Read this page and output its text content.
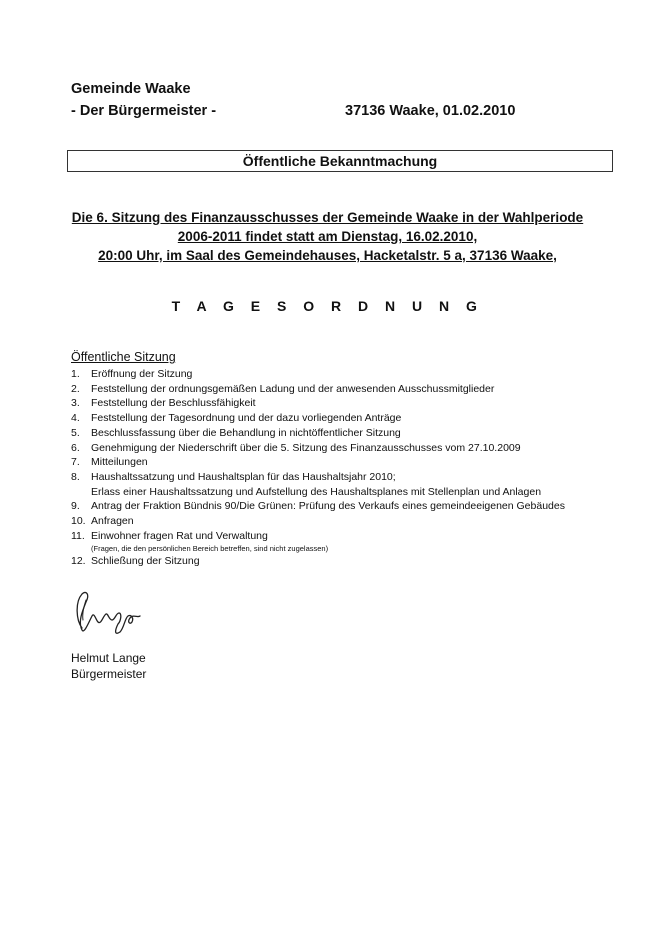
Gemeinde Waake
- Der Bürgermeister -	37136 Waake, 01.02.2010
Öffentliche Bekanntmachung
Die 6. Sitzung des Finanzausschusses der Gemeinde Waake in der Wahlperiode
2006-2011 findet statt am Dienstag, 16.02.2010,
20:00 Uhr, im Saal des Gemeindehauses, Hacketalstr. 5 a, 37136 Waake,
T A G E S O R D N U N G
Öffentliche Sitzung
1.	Eröffnung der Sitzung
2.	Feststellung der ordnungsgemäßen Ladung und der anwesenden Ausschussmitglieder
3.	Feststellung der Beschlussfähigkeit
4.	Feststellung der Tagesordnung und der dazu vorliegenden Anträge
5.	Beschlussfassung über die Behandlung in nichtöffentlicher Sitzung
6.	Genehmigung der Niederschrift über die 5. Sitzung des Finanzausschusses vom 27.10.2009
7.	Mitteilungen
8.	Haushaltssatzung und Haushaltsplan für das Haushaltsjahr 2010;
Erlass einer Haushaltssatzung und Aufstellung des Haushaltsplanes mit Stellenplan und Anlagen
9.	Antrag der Fraktion Bündnis 90/Die Grünen: Prüfung des Verkaufs eines gemeindeeigenen Gebäudes
10. Anfragen
11. Einwohner fragen Rat und Verwaltung
(Fragen, die den persönlichen Bereich betreffen, sind nicht zugelassen)
12. Schließung der Sitzung
Helmut Lange
Bürgermeister
